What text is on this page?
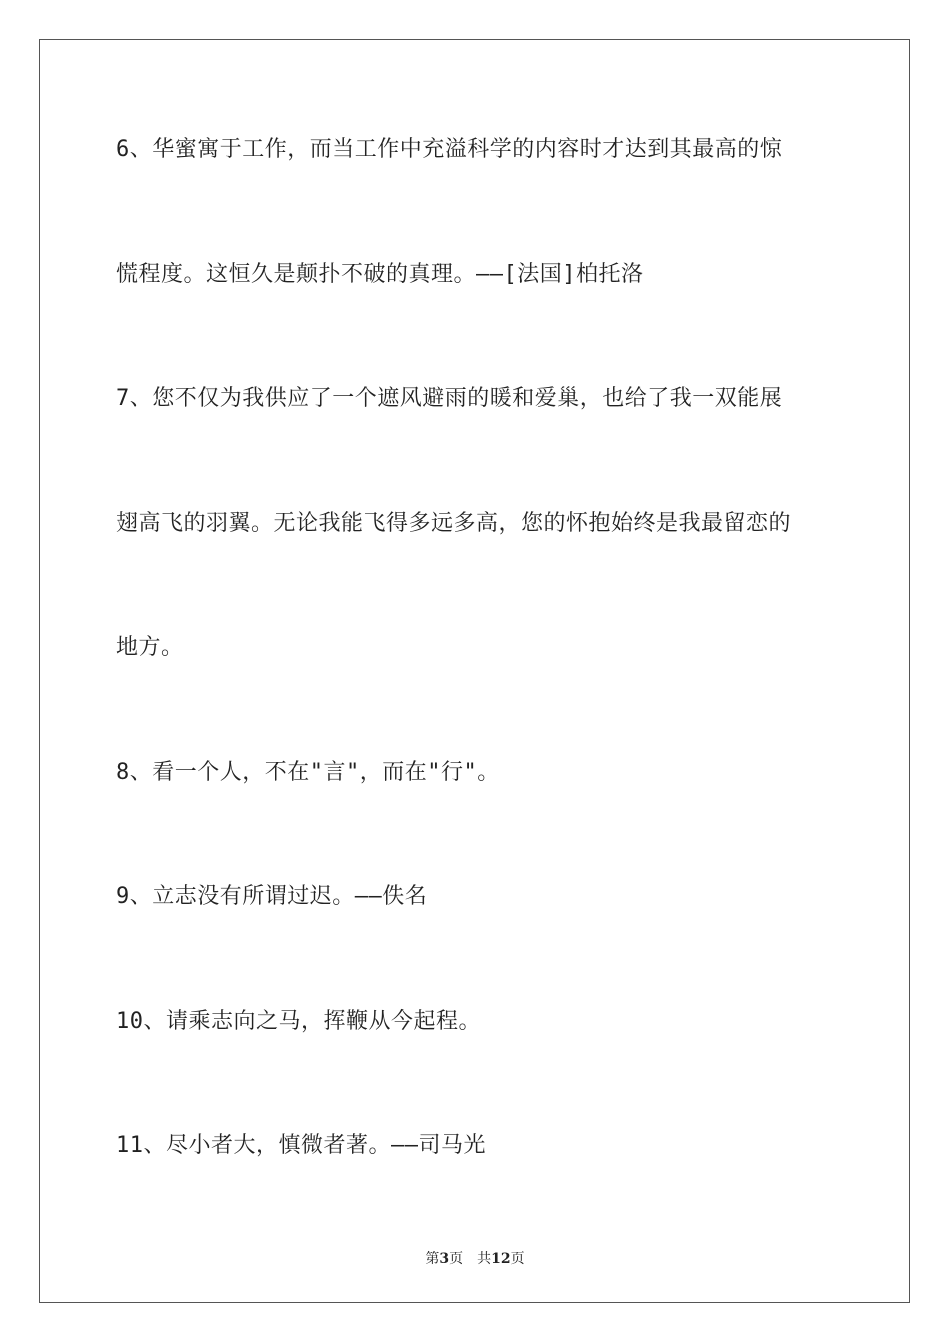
6、华蜜寓于工作，而当工作中充溢科学的内容时才达到其最高的惊
慌程度。这恒久是颠扑不破的真理。——[法国]柏托洛
7、您不仅为我供应了一个遮风避雨的暖和爱巢，也给了我一双能展
翅高飞的羽翼。无论我能飞得多远多高，您的怀抱始终是我最留恋的
地方。
8、看一个人，不在"言"，而在"行"。
9、立志没有所谓过迟。——佚名
10、请乘志向之马，挥鞭从今起程。
11、尽小者大，慎微者著。——司马光
第3页 共12页
